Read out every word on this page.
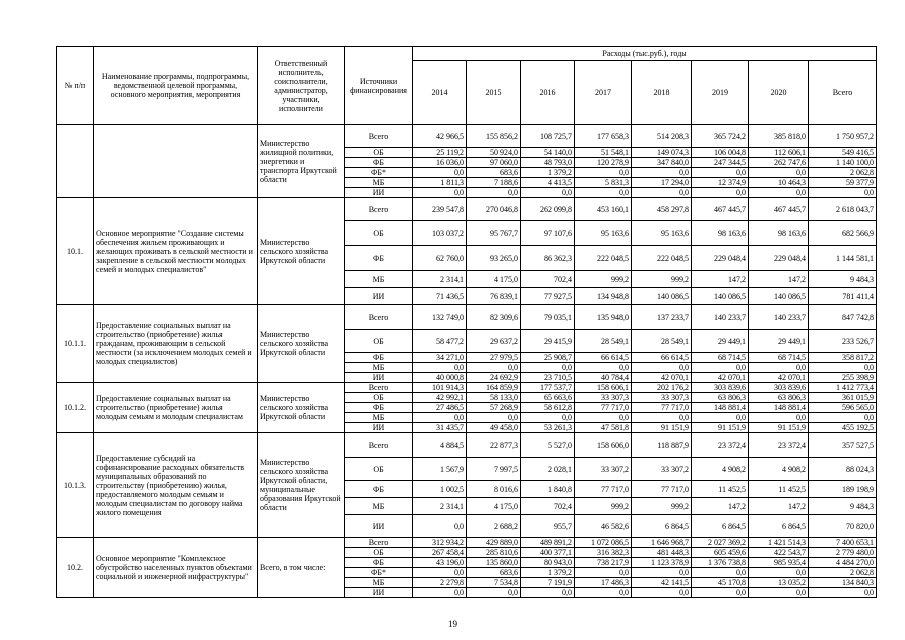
№ п/п	Наименование программы, подпрограммы, ведомственной целевой программы, основного мероприятия, мероприятия	Ответственный исполнитель, соисполнители, администратор, участники, исполнители	Источники финансирования	Расходы (тыс.руб.), годы							
				2014	2015	2016	2017	2018	2019	2020	Всего
		Министерство жилищной политики, энергетики и транспорта Иркутской области	Всего	42 966,5	155 856,2	108 725,7	177 658,3	514 208,3	365 724,2	385 818,0	1 750 957,2
			ОБ	25 119,2	50 924,0	54 140,0	51 548,1	149 074,3	106 004,8	112 606,1	549 416,5
			ФБ	16 036,0	97 060,0	48 793,0	120 278,9	347 840,0	247 344,5	262 747,6	1 140 100,0
			ФБ*	0,0	683,6	1 379,2	0,0	0,0	0,0	0,0	2 062,8
			МБ	1 811,3	7 188,6	4 413,5	5 831,3	17 294,0	12 374,9	10 464,3	59 377,9
			ИИ	0,0	0,0	0,0	0,0	0,0	0,0	0,0	0,0
10.1.	Основное мероприятие "Создание системы обеспечения жильем проживающих и желающих проживать в сельской местности и закрепление в сельской местности молодых семей и молодых специалистов"	Министерство сельского хозяйства Иркутской области	Всего	239 547,8	270 046,8	262 099,8	453 160,1	458 297,8	467 445,7	467 445,7	2 618 043,7
			ОБ	103 037,2	95 767,7	97 107,6	95 163,6	95 163,6	98 163,6	98 163,6	682 566,9
			ФБ	62 760,0	93 265,0	86 362,3	222 048,5	222 048,5	229 048,4	229 048,4	1 144 581,1
			МБ	2 314,1	4 175,0	702,4	999,2	999,2	147,2	147,2	9 484,3
			ИИ	71 436,5	76 839,1	77 927,5	134 948,8	140 086,5	140 086,5	140 086,5	781 411,4
10.1.1.	Предоставление социальных выплат на строительство (приобретение) жилья гражданам, проживающим в сельской местности (за исключением молодых семей и молодых специалистов)	Министерство сельского хозяйства Иркутской области	Всего	132 749,0	82 309,6	79 035,1	135 948,0	137 233,7	140 233,7	140 233,7	847 742,8
			ОБ	58 477,2	29 637,2	29 415,9	28 549,1	28 549,1	29 449,1	29 449,1	233 526,7
			ФБ	34 271,0	27 979,5	25 908,7	66 614,5	66 614,5	68 714,5	68 714,5	358 817,2
			МБ	0,0	0,0	0,0	0,0	0,0	0,0	0,0	0,0
			ИИ	40 000,8	24 692,9	23 710,5	40 784,4	42 070,1	42 070,1	42 070,1	255 398,9
10.1.2.	Предоставление социальных выплат на строительство (приобретение) жилья молодым семьям и молодым специалистам	Министерство сельского хозяйства Иркутской области	Всего	101 914,3	164 859,9	177 537,7	158 606,1	202 176,2	303 839,6	303 839,6	1 412 773,4
			ОБ	42 992,1	58 133,0	65 663,6	33 307,3	33 307,3	63 806,3	63 806,3	361 015,9
			ФБ	27 486,5	57 268,9	58 612,8	77 717,0	77 717,0	148 881,4	148 881,4	596 565,0
			МБ	0,0	0,0	0,0	0,0	0,0	0,0	0,0	0,0
			ИИ	31 435,7	49 458,0	53 261,3	47 581,8	91 151,9	91 151,9	91 151,9	455 192,5
10.1.3.	Предоставление субсидий на софинансирование расходных обязательств муниципальных образований по строительству (приобретению) жилья, предоставляемого молодым семьям и молодым специалистам по договору найма жилого помещения	Министерство сельского хозяйства Иркутской области, муниципальные образования Иркутской области	Всего	4 884,5	22 877,3	5 527,0	158 606,0	118 887,9	23 372,4	23 372,4	357 527,5
			ОБ	1 567,9	7 997,5	2 028,1	33 307,2	33 307,2	4 908,2	4 908,2	88 024,3
			ФБ	1 002,5	8 016,6	1 840,8	77 717,0	77 717,0	11 452,5	11 452,5	189 198,9
			МБ	2 314,1	4 175,0	702,4	999,2	999,2	147,2	147,2	9 484,3
			ИИ	0,0	2 688,2	955,7	46 582,6	6 864,5	6 864,5	6 864,5	70 820,0
10.2.	Основное мероприятие "Комплексное обустройство населенных пунктов объектами социальной и инженерной инфраструктуры"	Всего, в том числе:	Всего	312 934,2	429 889,0	489 891,2	1 072 086,5	1 646 968,7	2 027 369,2	1 421 514,3	7 400 653,1
			ОБ	267 458,4	285 810,6	400 377,1	316 382,3	481 448,3	605 459,6	422 543,7	2 779 480,0
			ФБ	43 196,0	135 860,0	80 943,0	738 217,9	1 123 378,9	1 376 738,8	985 935,4	4 484 270,0
			ФБ*	0,0	683,6	1 379,2	0,0	0,0	0,0	0,0	2 062,8
			МБ	2 279,8	7 534,8	7 191,9	17 486,3	42 141,5	45 170,8	13 035,2	134 840,3
			ИИ	0,0	0,0	0,0	0,0	0,0	0,0	0,0	0,0
19
